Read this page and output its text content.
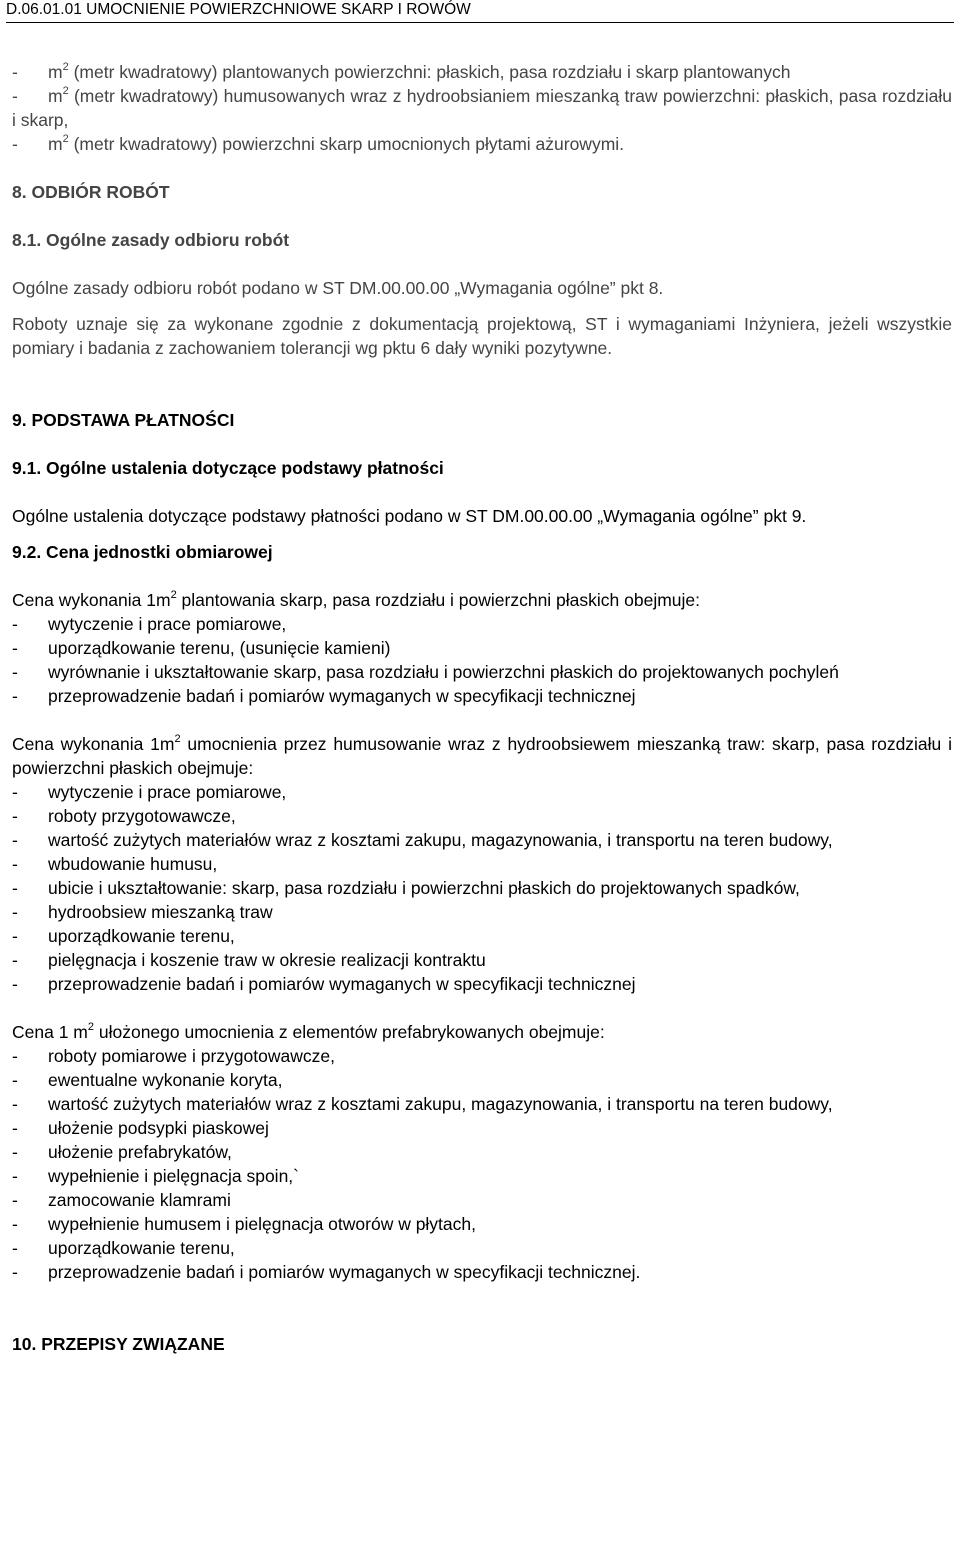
D.06.01.01 UMOCNIENIE POWIERZCHNIOWE SKARP I ROWÓW
-	$m^2$ (metr kwadratowy) plantowanych powierzchni: płaskich, pasa rozdziału i skarp plantowanych
-	$m^2$ (metr kwadratowy) humusowanych wraz z hydroobsianiem mieszanką traw powierzchni: płaskich, pasa rozdziału i skarp,
-	$m^2$ (metr kwadratowy) powierzchni skarp umocnionych płytami ażurowymi.
8. ODBIÓR ROBÓT
8.1. Ogólne zasady odbioru robót
Ogólne zasady odbioru robót podano w ST DM.00.00.00 „Wymagania ogólne” pkt 8.
Roboty uznaje się za wykonane zgodnie z dokumentacją projektową, ST i wymaganiami Inżyniera, jeżeli wszystkie pomiary i badania z zachowaniem tolerancji wg pktu 6 dały wyniki pozytywne.
9. PODSTAWA PŁATNOŚCI
9.1. Ogólne ustalenia dotyczące podstawy płatności
Ogólne ustalenia dotyczące podstawy płatności podano w ST DM.00.00.00 „Wymagania ogólne” pkt 9.
9.2. Cena jednostki obmiarowej
Cena wykonania $1m^2$ plantowania skarp, pasa rozdziału i powierzchni płaskich obejmuje:
-	wytyczenie i prace pomiarowe,
-	uporządkowanie terenu, (usunięcie kamieni)
-	wyrównanie i ukształtowanie skarp, pasa rozdziału i powierzchni płaskich do projektowanych pochyleń
-	przeprowadzenie badań i pomiarów wymaganych w specyfikacji technicznej
Cena wykonania $1m^2$ umocnienia przez humusowanie wraz z hydroobsiewem mieszanką traw: skarp, pasa rozdziału i powierzchni płaskich obejmuje:
-	wytyczenie i prace pomiarowe,
-	roboty przygotowawcze,
-	wartość zużytych materiałów wraz z kosztami zakupu, magazynowania, i transportu na teren budowy,
-	wbudowanie humusu,
-	ubicie i ukształtowanie: skarp, pasa rozdziału i powierzchni płaskich do projektowanych spadków,
-	hydroobsiew mieszanką traw
-	uporządkowanie terenu,
-	pielęgnacja i koszenie traw w okresie realizacji kontraktu
-	przeprowadzenie badań i pomiarów wymaganych w specyfikacji technicznej
Cena 1 $m^2$ ułożonego umocnienia z elementów prefabrykowanych obejmuje:
-	roboty pomiarowe i przygotowawcze,
-	ewentualne wykonanie koryta,
-	wartość zużytych materiałów wraz z kosztami zakupu, magazynowania, i transportu na teren budowy,
-	ułożenie podsypki piaskowej
-	ułożenie prefabrykatów,
-	wypełnienie i pielęgnacja spoin,`
-	zamocowanie klamrami
-	wypełnienie humusem i pielęgnacja otworów w płytach,
-	uporządkowanie terenu,
-	przeprowadzenie badań i pomiarów wymaganych w specyfikacji technicznej.
10. PRZEPISY ZWIĄZANE
